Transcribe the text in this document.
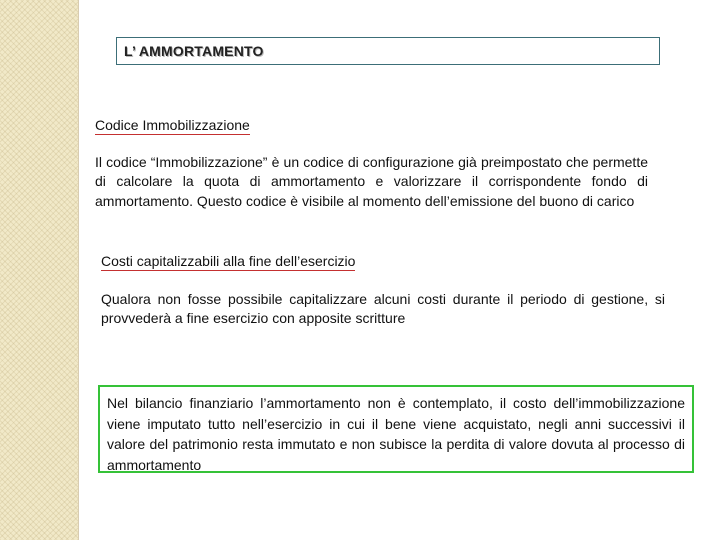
L’ AMMORTAMENTO
Codice Immobilizzazione
Il codice “Immobilizzazione” è un codice di configurazione già preimpostato che permette di calcolare la quota di ammortamento e valorizzare il corrispondente fondo di ammortamento. Questo codice è visibile al momento dell’emissione del buono di carico
Costi capitalizzabili alla fine dell’esercizio
Qualora non fosse possibile capitalizzare alcuni costi durante il periodo di gestione, si provvederà a fine esercizio con apposite scritture
Nel bilancio finanziario l’ammortamento non è contemplato, il costo dell’immobilizzazione viene imputato tutto nell’esercizio in cui il bene viene acquistato, negli anni successivi il valore del patrimonio resta immutato e non subisce la perdita di valore dovuta al processo di ammortamento
